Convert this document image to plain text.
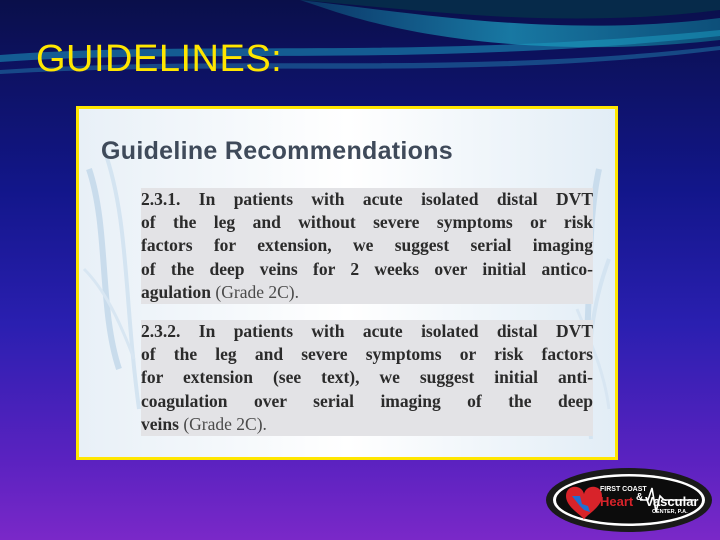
GUIDELINES:
Guideline Recommendations
2.3.1. In patients with acute isolated distal DVT
of the leg and without severe symptoms or risk
factors for extension, we suggest serial imaging
of the deep veins for 2 weeks over initial antico-
agulation (Grade 2C).
2.3.2. In patients with acute isolated distal DVT
of the leg and severe symptoms or risk factors
for extension (see text), we suggest initial anti-
coagulation over serial imaging of the deep
veins (Grade 2C).
FIRST COAST
Heart & Vascular
CENTER, P.A.
